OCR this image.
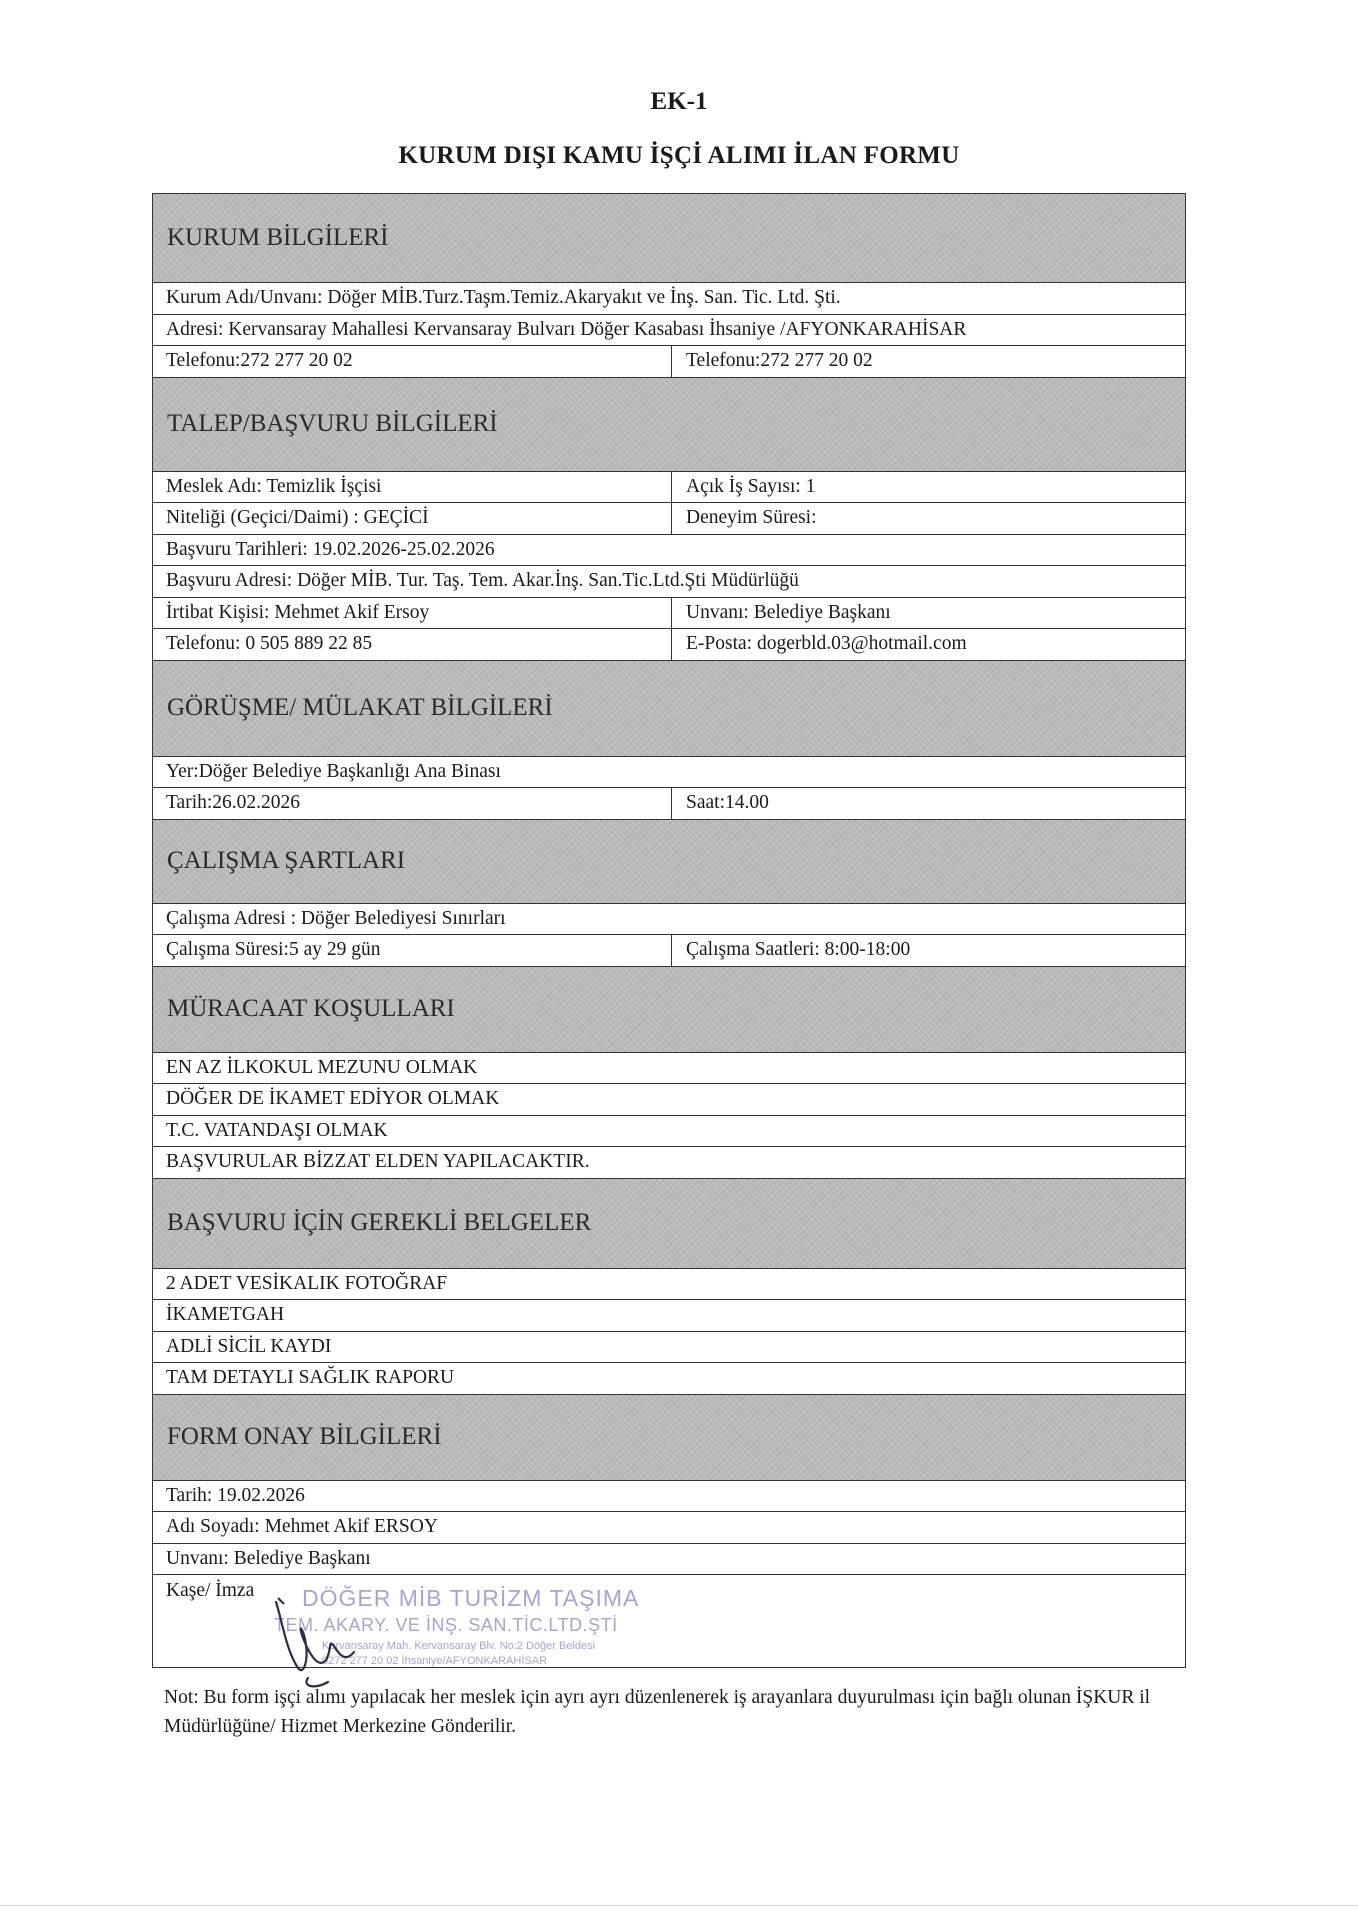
EK-1
KURUM DIŞI KAMU İŞÇİ ALIMI İLAN FORMU
KURUM BİLGİLERİ
Kurum Adı/Unvanı: Döğer MİB.Turz.Taşm.Temiz.Akaryakıt ve İnş. San. Tic. Ltd. Şti.
Adresi: Kervansaray Mahallesi Kervansaray Bulvarı Döğer Kasabası İhsaniye /AFYONKARAHİSAR
Telefonu:272 277 20 02	Telefonu:272 277 20 02
TALEP/BAŞVURU BİLGİLERİ
Meslek Adı: Temizlik İşçisi	Açık İş Sayısı: 1
Niteliği (Geçici/Daimi) : GEÇİCİ	Deneyim Süresi:
Başvuru Tarihleri: 19.02.2026-25.02.2026
Başvuru Adresi: Döğer MİB. Tur. Taş. Tem. Akar.İnş. San.Tic.Ltd.Şti Müdürlüğü
İrtibat Kişisi: Mehmet Akif Ersoy	Unvanı: Belediye Başkanı
Telefonu: 0 505 889 22 85	E-Posta: dogerbld.03@hotmail.com
GÖRÜŞME/ MÜLAKAT BİLGİLERİ
Yer:Döğer Belediye Başkanlığı Ana Binası
Tarih:26.02.2026	Saat:14.00
ÇALIŞMA ŞARTLARI
Çalışma Adresi : Döğer Belediyesi Sınırları
Çalışma Süresi:5 ay 29 gün	Çalışma Saatleri: 8:00-18:00
MÜRACAAT KOŞULLARI
EN AZ İLKOKUL MEZUNU OLMAK
DÖĞER DE İKAMET EDİYOR OLMAK
T.C. VATANDAŞI OLMAK
BAŞVURULAR BİZZAT ELDEN YAPILACAKTIR.
BAŞVURU İÇİN GEREKLİ BELGELER
2 ADET VESİKALIK FOTOĞRAF
İKAMETGAH
ADLİ SİCİL KAYDI
TAM DETAYLI SAĞLIK RAPORU
FORM ONAY BİLGİLERİ
Tarih: 19.02.2026
Adı Soyadı: Mehmet Akif ERSOY
Unvanı: Belediye Başkanı
Kaşe/ İmza	DÖĞER MİB TURİZM TAŞIMA
TEM. AKARY. VE İNŞ. SAN.TİC.LTD.ŞTİ
Kervansaray Mah. Kervansaray Blv. No:2 Döğer Beldesi
0272 277 20 02 İhsaniye/AFYONKARAHİSAR
Not: Bu form işçi alımı yapılacak her meslek için ayrı ayrı düzenlenerek iş arayanlara duyurulması için bağlı olunan İŞKUR il Müdürlüğüne/ Hizmet Merkezine Gönderilir.
